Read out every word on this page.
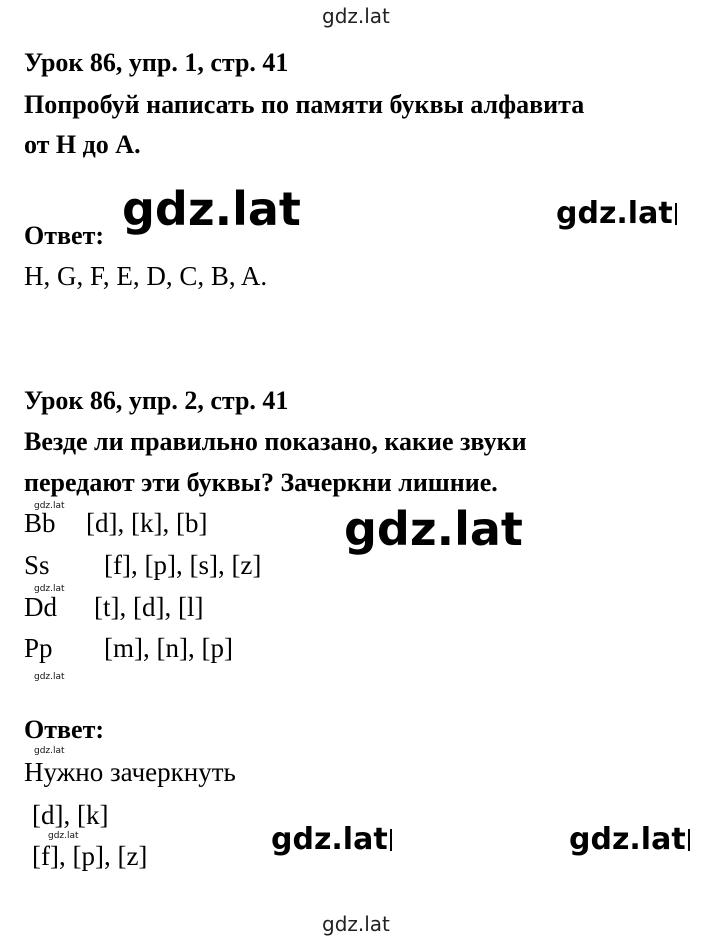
gdz.lat
gdz.lat	gdz.lat
gdz.lat
gdz.lat
gdz.lat
gdz.lat
gdz.lat
gdz.lat	gdz.lat	gdz.lat
gdz.lat
Урок 86, упр. 1, стр. 41
Попробуй написать по памяти буквы алфавита
от H до A.
Ответ:
H, G, F, E, D, C, B, A.
Урок 86, упр. 2, стр. 41
Везде ли правильно показано, какие звуки
передают эти буквы? Зачеркни лишние.
Bb [d], [k], [b]
Ss [f], [p], [s], [z]
Dd [t], [d], [l]
Pp [m], [n], [p]
Ответ:
Нужно зачеркнуть
[d], [k]
[f], [p], [z]
